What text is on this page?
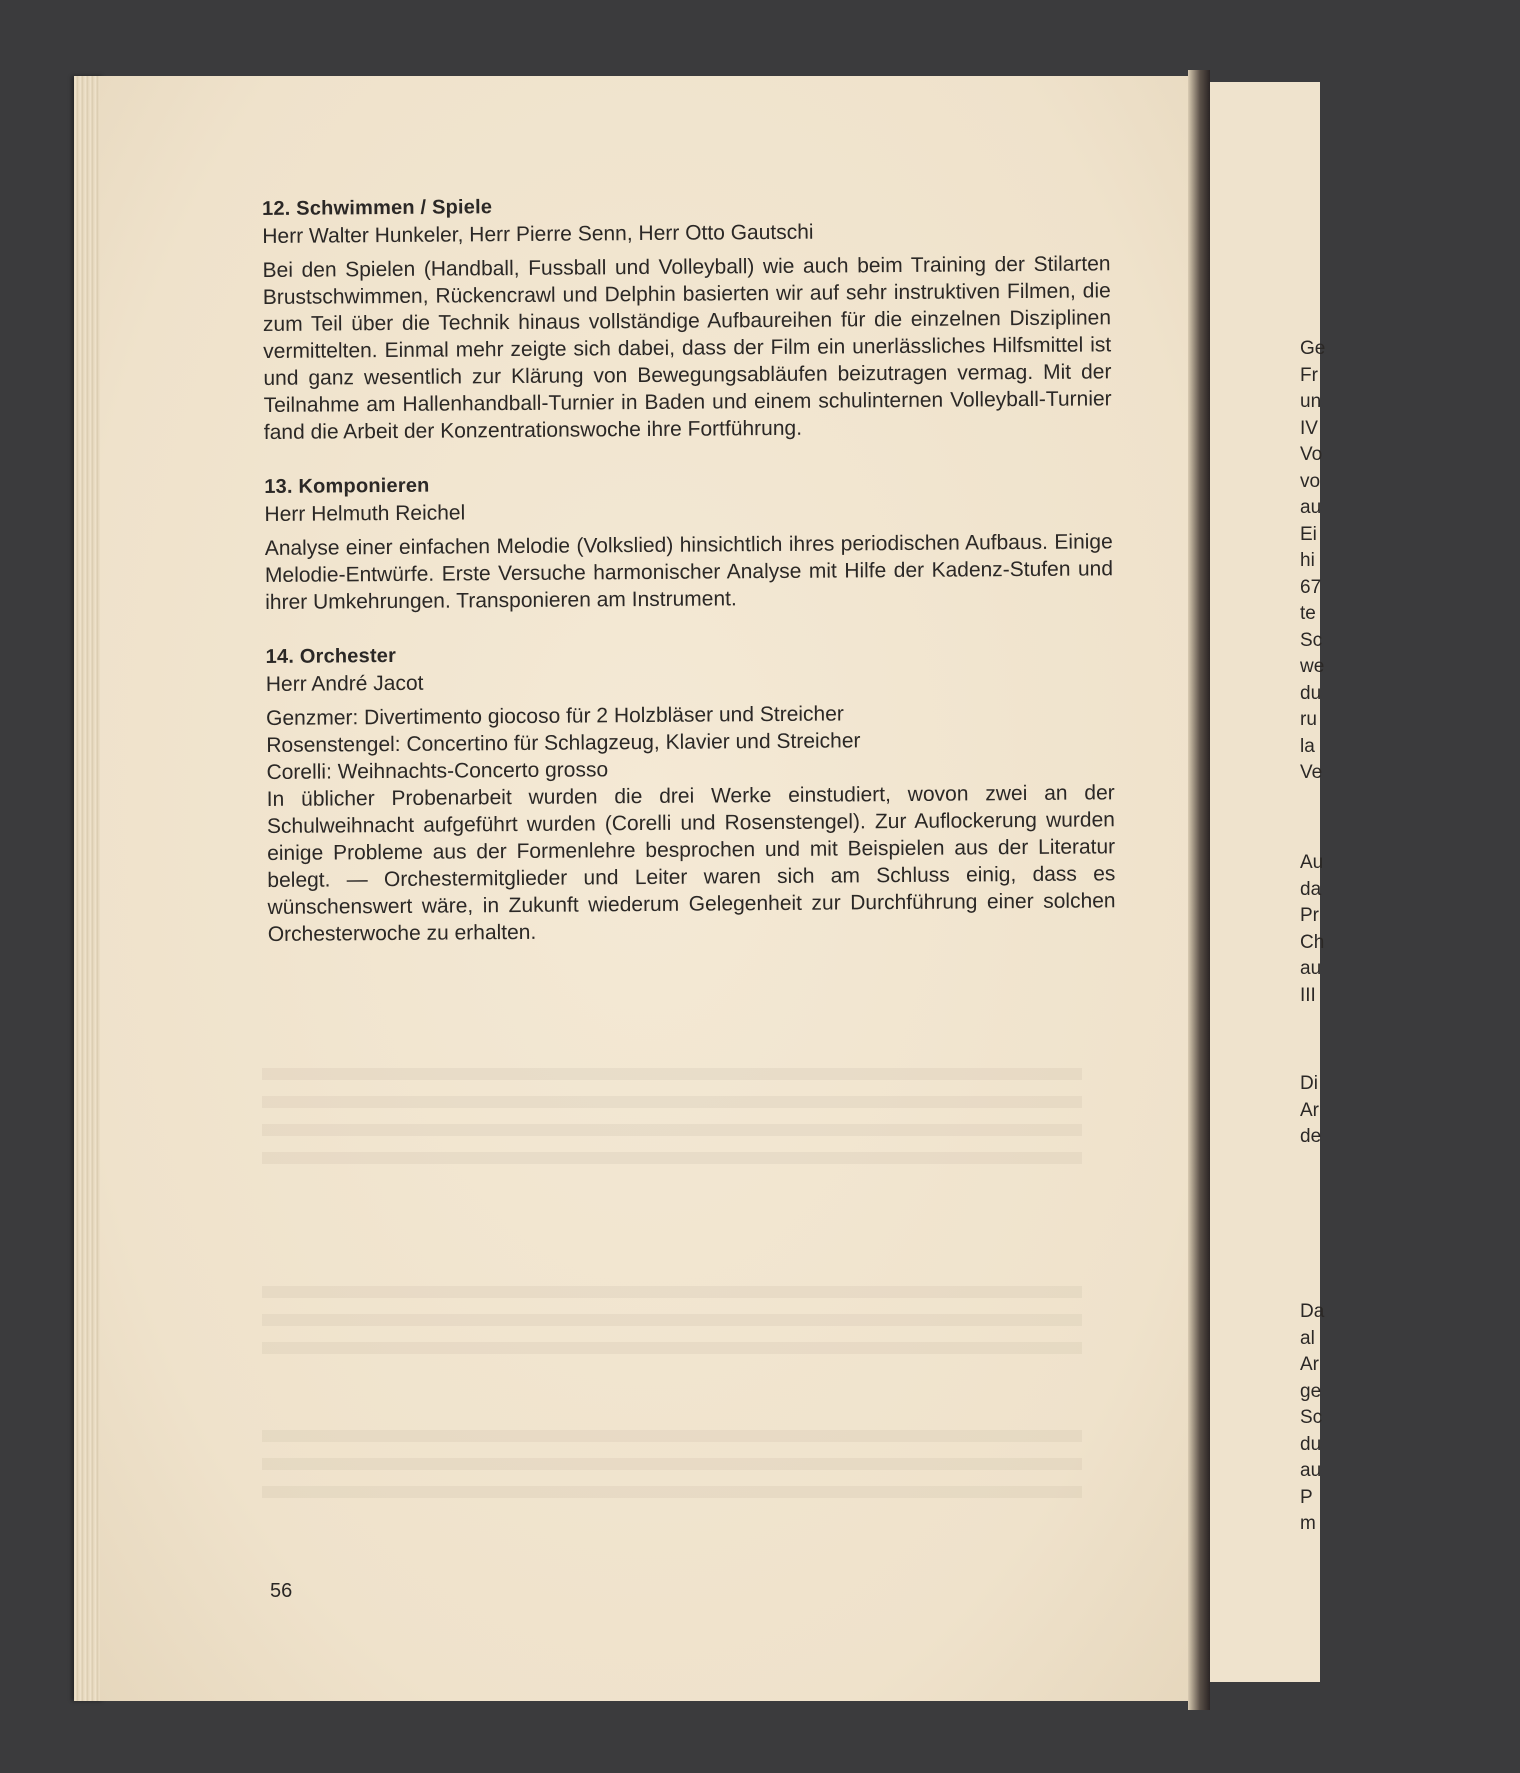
Ge
Fr
un
IV
Vo
vo
au
Ei
hi
67
te
Sc
we
du
ru
la
Ve
Au
da
Pr
Ch
au
III
Di
Ar
de
Da
al
Ar
ge
Sc
du
au
P
m
12. Schwimmen / Spiele
Herr Walter Hunkeler, Herr Pierre Senn, Herr Otto Gautschi

Bei den Spielen (Handball, Fussball und Volleyball) wie auch beim Training der Stilarten Brustschwimmen, Rückencrawl und Delphin basierten wir auf sehr instruktiven Filmen, die zum Teil über die Technik hinaus vollständige Aufbaureihen für die einzelnen Disziplinen vermittelten. Einmal mehr zeigte sich dabei, dass der Film ein unerlässliches Hilfsmittel ist und ganz wesentlich zur Klärung von Bewegungsabläufen beizutragen vermag. Mit der Teilnahme am Hallenhandball-Turnier in Baden und einem schulinternen Volleyball-Turnier fand die Arbeit der Konzentrationswoche ihre Fortführung.

13. Komponieren
Herr Helmuth Reichel

Analyse einer einfachen Melodie (Volkslied) hinsichtlich ihres periodischen Aufbaus. Einige Melodie-Entwürfe. Erste Versuche harmonischer Analyse mit Hilfe der Kadenz-Stufen und ihrer Umkehrungen. Transponieren am Instrument.

14. Orchester
Herr André Jacot
Genzmer: Divertimento giocoso für 2 Holzbläser und Streicher
Rosenstengel: Concertino für Schlagzeug, Klavier und Streicher
Corelli: Weihnachts-Concerto grosso

In üblicher Probenarbeit wurden die drei Werke einstudiert, wovon zwei an der Schulweihnacht aufgeführt wurden (Corelli und Rosenstengel). Zur Auflockerung wurden einige Probleme aus der Formenlehre besprochen und mit Beispielen aus der Literatur belegt. — Orchestermitglieder und Leiter waren sich am Schluss einig, dass es wünschenswert wäre, in Zukunft wiederum Gelegenheit zur Durchführung einer solchen Orchesterwoche zu erhalten.

56
